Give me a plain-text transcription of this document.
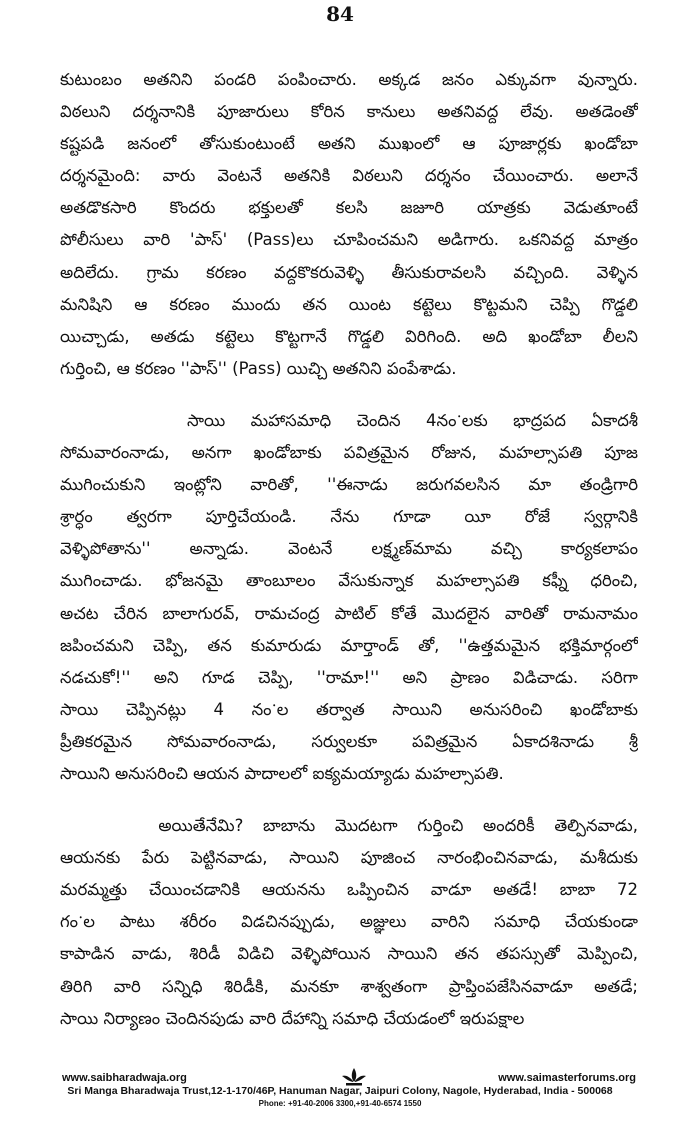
84
కుటుంబం అతనిని పండరి పంపించారు. అక్కడ జనం ఎక్కువగా వున్నారు.
విఠలుని దర్శనానికి పూజారులు కోరిన కానులు అతనివద్ద లేవు. అతడెంతో
కష్టపడి జనంలో తోసుకుంటుంటే అతని ముఖంలో ఆ పూజార్లకు ఖండోబా
దర్శనమైంది: వారు వెంటనే అతనికి విఠలుని దర్శనం చేయించారు. అలానే
అతడొకసారి కొందరు భక్తులతో కలసి జజూరి యాత్రకు వెడుతూంటే
పోలీసులు వారి 'పాస్' (Pass)లు చూపించమని అడిగారు. ఒకనివద్ద మాత్రం
అదిలేదు. గ్రామ కరణం వద్దకొకరువెళ్ళి తీసుకురావలసి వచ్చింది. వెళ్ళిన
మనిషిని ఆ కరణం ముందు తన యింట కట్టెలు కొట్టమని చెప్పి గొడ్డలి
యిచ్చాడు, అతడు కట్టెలు కొట్టగానే గొడ్డలి విరిగింది. అది ఖండోబా లీలని
గుర్తించి, ఆ కరణం ''పాస్'' (Pass) యిచ్చి అతనిని పంపేశాడు.
సాయి మహాసమాధి చెందిన 4నంॱలకు భాద్రపద ఏకాదశీ
సోమవారంనాడు, అనగా ఖండోబాకు పవిత్రమైన రోజున, మహల్సాపతి పూజ
ముగించుకుని ఇంట్లోని వారితో, ''ఈనాడు జరుగవలసిన మా తండ్రిగారి
శ్రార్ధం త్వరగా పూర్తిచేయండి. నేను గూడా యీ రోజే స్వర్గానికి
వెళ్ళిపోతాను'' అన్నాడు. వెంటనే లక్ష్మణ్‌మామ వచ్చి కార్యకలాపం
ముగించాడు. భోజనమై తాంబూలం వేసుకున్నాక మహల్సాపతి కఫ్నీ ధరించి,
అచట చేరిన బాలాగురవ్, రామచంద్ర పాటిల్ కోతే మొదలైన వారితో రామనామం
జపించమని చెప్పి, తన కుమారుడు మార్తాండ్ తో, ''ఉత్తమమైన భక్తిమార్గంలో
నడచుకో!'' అని గూడ చెప్పి, ''రామా!'' అని ప్రాణం విడిచాడు. సరిగా
సాయి చెప్పినట్లు 4 నంॱల తర్వాత సాయిని అనుసరించి ఖండోబాకు
ప్రీతికరమైన సోమవారంనాడు, సర్వులకూ పవిత్రమైన ఏకాదశినాడు శ్రీ
సాయిని అనుసరించి ఆయన పాదాలలో ఐక్యమయ్యాడు మహల్సాపతి.
అయితేనేమి? బాబాను మొదటగా గుర్తించి అందరికీ తెల్పినవాడు,
ఆయనకు పేరు పెట్టినవాడు, సాయిని పూజించ నారంభించినవాడు, మశీదుకు
మరమ్మత్తు చేయించడానికి ఆయనను ఒప్పించిన వాడూ అతడే! బాబా 72
గంॱల పాటు శరీరం విడచినప్పుడు, అజ్ఞులు వారిని సమాధి చేయకుండా
కాపాడిన వాడు, శిరిడీ విడిచి వెళ్ళిపోయిన సాయిని తన తపస్సుతో మెప్పించి,
తిరిగి వారి సన్నిధి శిరిడీకి, మనకూ శాశ్వతంగా ప్రాప్తింపజేసినవాడూ అతడే;
సాయి నిర్యాణం చెందినపుడు వారి దేహాన్ని సమాధి చేయడంలో ఇరుపక్షాల
www.saibharadwaja.org	www.saimasterforums.org
Sri Manga Bharadwaja Trust,12-1-170/46P, Hanuman Nagar, Jaipuri Colony, Nagole, Hyderabad, India - 500068
Phone: +91-40-2006 3300,+91-40-6574 1550
